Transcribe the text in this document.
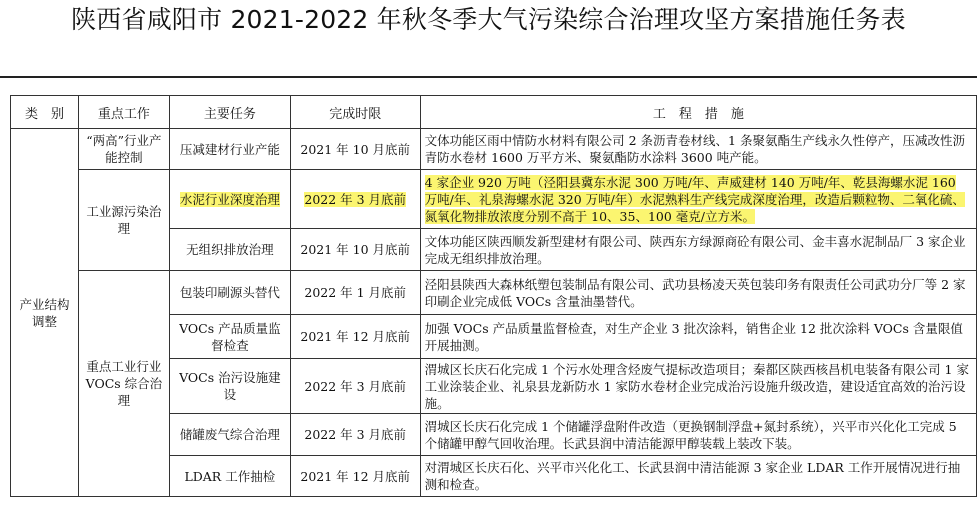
陕西省咸阳市 2021-2022 年秋冬季大气污染综合治理攻坚方案措施任务表
类　别	重点工作	主要任务	完成时限	工　程　措　施
产业结构调整	“两高”行业产能控制	压减建材行业产能	2021 年 10 月底前	文体功能区雨中情防水材料有限公司 2 条沥青卷材线、1 条聚氨酯生产线永久性停产，压减改性沥青防水卷材 1600 万平方米、聚氨酯防水涂料 3600 吨产能。
	工业源污染治理	水泥行业深度治理	2022 年 3 月底前	4 家企业 920 万吨（泾阳县冀东水泥 300 万吨/年、声威建材 140 万吨/年、乾县海螺水泥 160 万吨/年、礼泉海螺水泥 320 万吨/年）水泥熟料生产线完成深度治理，改造后颗粒物、二氧化硫、氮氧化物排放浓度分别不高于 10、35、100 毫克/立方米。
		无组织排放治理	2021 年 10 月底前	文体功能区陕西顺发新型建材有限公司、陕西东方绿源商砼有限公司、金丰喜水泥制品厂 3 家企业完成无组织排放治理。
	重点工业行业 VOCs 综合治理	包装印刷源头替代	2022 年 1 月底前	泾阳县陕西大森林纸塑包装制品有限公司、武功县杨凌天英包装印务有限责任公司武功分厂等 2 家印刷企业完成低 VOCs 含量油墨替代。
		VOCs 产品质量监督检查	2021 年 12 月底前	加强 VOCs 产品质量监督检查，对生产企业 3 批次涂料，销售企业 12 批次涂料 VOCs 含量限值开展抽测。
		VOCs 治污设施建设	2022 年 3 月底前	渭城区长庆石化完成 1 个污水处理含烃废气提标改造项目；秦都区陕西核昌机电装备有限公司 1 家工业涂装企业、礼泉县龙新防水 1 家防水卷材企业完成治污设施升级改造，建设适宜高效的治污设施。
		储罐废气综合治理	2022 年 3 月底前	渭城区长庆石化完成 1 个储罐浮盘附件改造（更换钢制浮盘+氮封系统），兴平市兴化化工完成 5 个储罐甲醇气回收治理。长武县润中清洁能源甲醇装载上装改下装。
		LDAR 工作抽检	2021 年 12 月底前	对渭城区长庆石化、兴平市兴化化工、长武县润中清洁能源 3 家企业 LDAR 工作开展情况进行抽测和检查。
